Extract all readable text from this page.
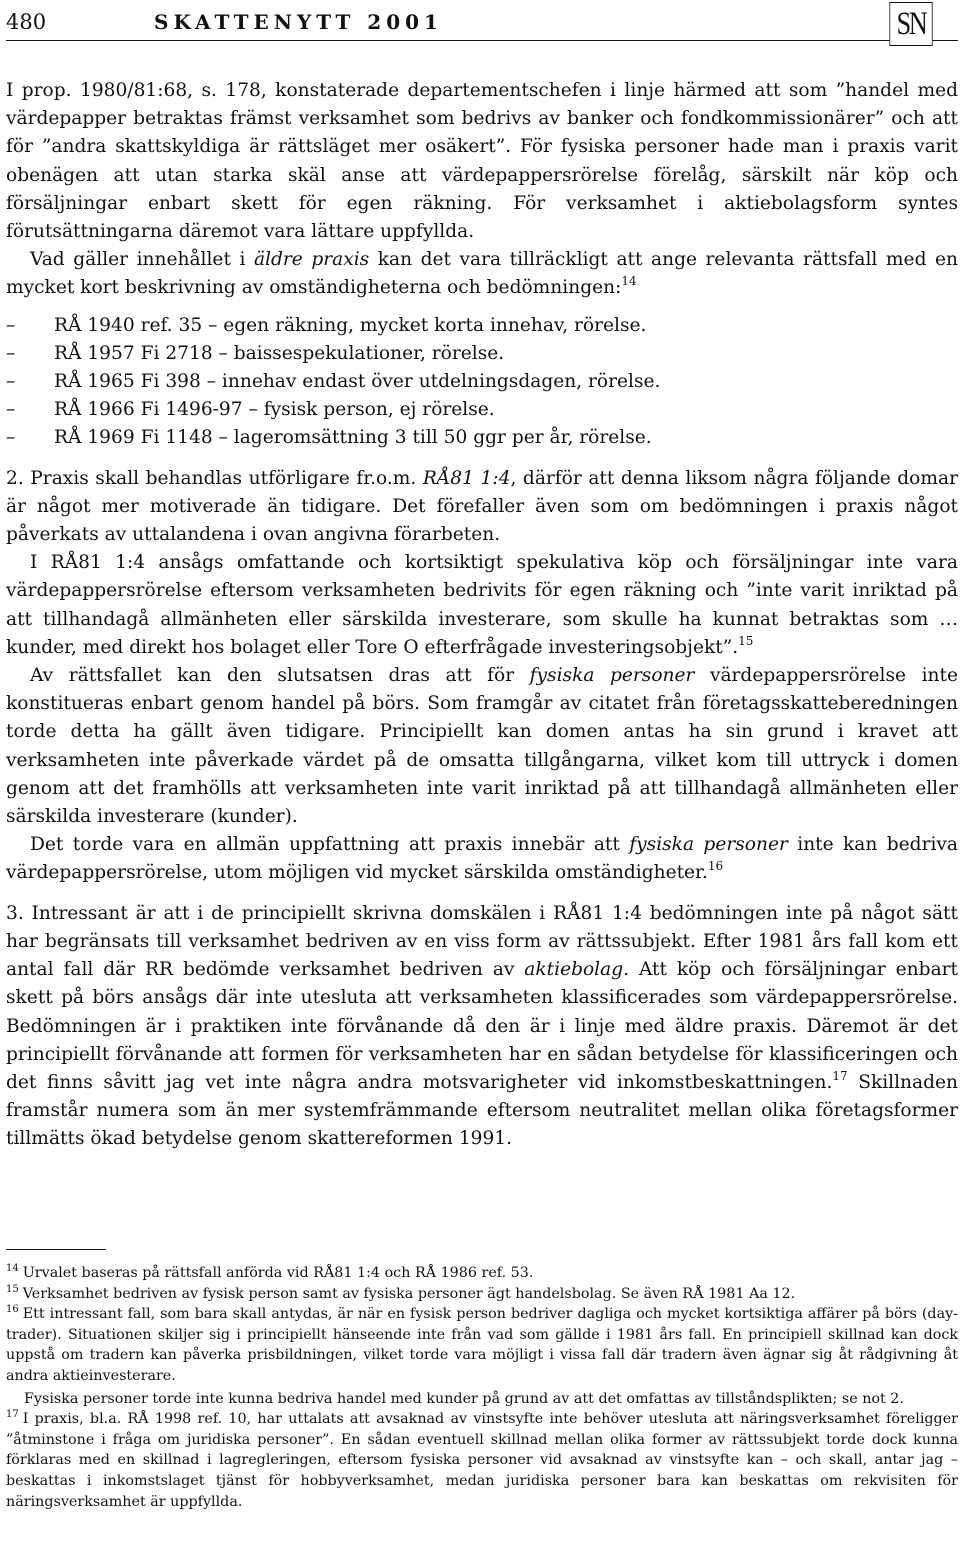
480	SKATTENYTT 2001	SN

I prop. 1980/81:68, s. 178, konstaterade departementschefen i linje härmed att som ”handel med värdepapper betraktas främst verksamhet som bedrivs av banker och fondkommissionärer” och att för ”andra skattskyldiga är rättsläget mer osäkert”. För fysiska personer hade man i praxis varit obenägen att utan starka skäl anse att värdepappersrörelse förelåg, särskilt när köp och försäljningar enbart skett för egen räkning. För verksamhet i aktiebolagsform syntes förutsättningarna däremot vara lättare uppfyllda.

Vad gäller innehållet i äldre praxis kan det vara tillräckligt att ange relevanta rättsfall med en mycket kort beskrivning av omständigheterna och bedömningen:$^{14}$

–	RÅ 1940 ref. 35 – egen räkning, mycket korta innehav, rörelse.
–	RÅ 1957 Fi 2718 – baissespekulationer, rörelse.
–	RÅ 1965 Fi 398 – innehav endast över utdelningsdagen, rörelse.
–	RÅ 1966 Fi 1496-97 – fysisk person, ej rörelse.
–	RÅ 1969 Fi 1148 – lageromsättning 3 till 50 ggr per år, rörelse.

2. Praxis skall behandlas utförligare fr.o.m. RÅ81 1:4, därför att denna liksom några följande domar är något mer motiverade än tidigare. Det förefaller även som om bedömningen i praxis något påverkats av uttalandena i ovan angivna förarbeten.

I RÅ81 1:4 ansågs omfattande och kortsiktigt spekulativa köp och försäljningar inte vara värdepappersrörelse eftersom verksamheten bedrivits för egen räkning och ”inte varit inriktad på att tillhandagå allmänheten eller särskilda investerare, som skulle ha kunnat betraktas som … kunder, med direkt hos bolaget eller Tore O efterfrågade investeringsobjekt”.$^{15}$

Av rättsfallet kan den slutsatsen dras att för fysiska personer värdepappersrörelse inte konstitueras enbart genom handel på börs. Som framgår av citatet från företagsskatteberedningen torde detta ha gällt även tidigare. Principiellt kan domen antas ha sin grund i kravet att verksamheten inte påverkade värdet på de omsatta tillgångarna, vilket kom till uttryck i domen genom att det framhölls att verksamheten inte varit inriktad på att tillhandagå allmänheten eller särskilda investerare (kunder).

Det torde vara en allmän uppfattning att praxis innebär att fysiska personer inte kan bedriva värdepappersrörelse, utom möjligen vid mycket särskilda omständigheter.$^{16}$

3. Intressant är att i de principiellt skrivna domskälen i RÅ81 1:4 bedömningen inte på något sätt har begränsats till verksamhet bedriven av en viss form av rättssubjekt. Efter 1981 års fall kom ett antal fall där RR bedömde verksamhet bedriven av aktiebolag. Att köp och försäljningar enbart skett på börs ansågs där inte utesluta att verksamheten klassificerades som värdepappersrörelse. Bedömningen är i praktiken inte förvånande då den är i linje med äldre praxis. Däremot är det principiellt förvånande att formen för verksamheten har en sådan betydelse för klassificeringen och det finns såvitt jag vet inte några andra motsvarigheter vid inkomstbeskattningen.$^{17}$ Skillnaden framstår numera som än mer systemfrämmande eftersom neutralitet mellan olika företagsformer tillmätts ökad betydelse genom skattereformen 1991.

$^{14}$ Urvalet baseras på rättsfall anförda vid RÅ81 1:4 och RÅ 1986 ref. 53.

$^{15}$ Verksamhet bedriven av fysisk person samt av fysiska personer ägt handelsbolag. Se även RÅ 1981 Aa 12.

$^{16}$ Ett intressant fall, som bara skall antydas, är när en fysisk person bedriver dagliga och mycket kortsiktiga affärer på börs (day-trader). Situationen skiljer sig i principiellt hänseende inte från vad som gällde i 1981 års fall. En principiell skillnad kan dock uppstå om tradern kan påverka prisbildningen, vilket torde vara möjligt i vissa fall där tradern även ägnar sig åt rådgivning åt andra aktieinvesterare.

Fysiska personer torde inte kunna bedriva handel med kunder på grund av att det omfattas av tillståndsplikten; se not 2.

$^{17}$ I praxis, bl.a. RÅ 1998 ref. 10, har uttalats att avsaknad av vinstsyfte inte behöver utesluta att näringsverksamhet föreligger ”åtminstone i fråga om juridiska personer”. En sådan eventuell skillnad mellan olika former av rättssubjekt torde dock kunna förklaras med en skillnad i lagregleringen, eftersom fysiska personer vid avsaknad av vinstsyfte kan – och skall, antar jag – beskattas i inkomstslaget tjänst för hobbyverksamhet, medan juridiska personer bara kan beskattas om rekvisiten för näringsverksamhet är uppfyllda.
